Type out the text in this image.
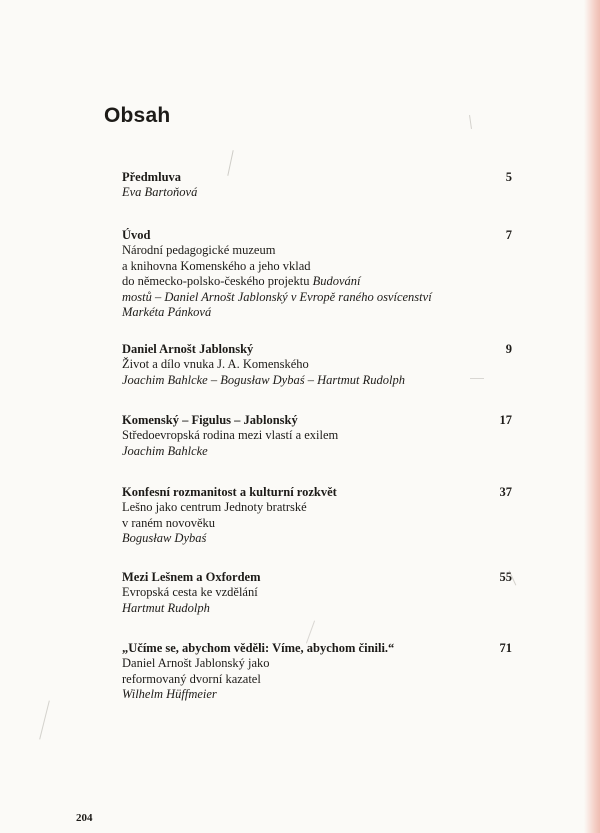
Obsah
Předmluva	5
Eva Bartoňová
Úvod	7
Národní pedagogické muzeum
a knihovna Komenského a jeho vklad
do německo-polsko-českého projektu Budování
mostů – Daniel Arnošt Jablonský v Evropě raného osvícenství
Markéta Pánková
Daniel Arnošt Jablonský	9
Život a dílo vnuka J. A. Komenského
Joachim Bahlcke – Bogusław Dybaś – Hartmut Rudolph
Komenský – Figulus – Jablonský	17
Středoevropská rodina mezi vlastí a exilem
Joachim Bahlcke
Konfesní rozmanitost a kulturní rozkvět	37
Lešno jako centrum Jednoty bratrské
v raném novověku
Bogusław Dybaś
Mezi Lešnem a Oxfordem	55
Evropská cesta ke vzdělání
Hartmut Rudolph
„Učíme se, abychom věděli: Víme, abychom činili.“	71
Daniel Arnošt Jablonský jako
reformovaný dvorní kazatel
Wilhelm Hüffmeier
204
